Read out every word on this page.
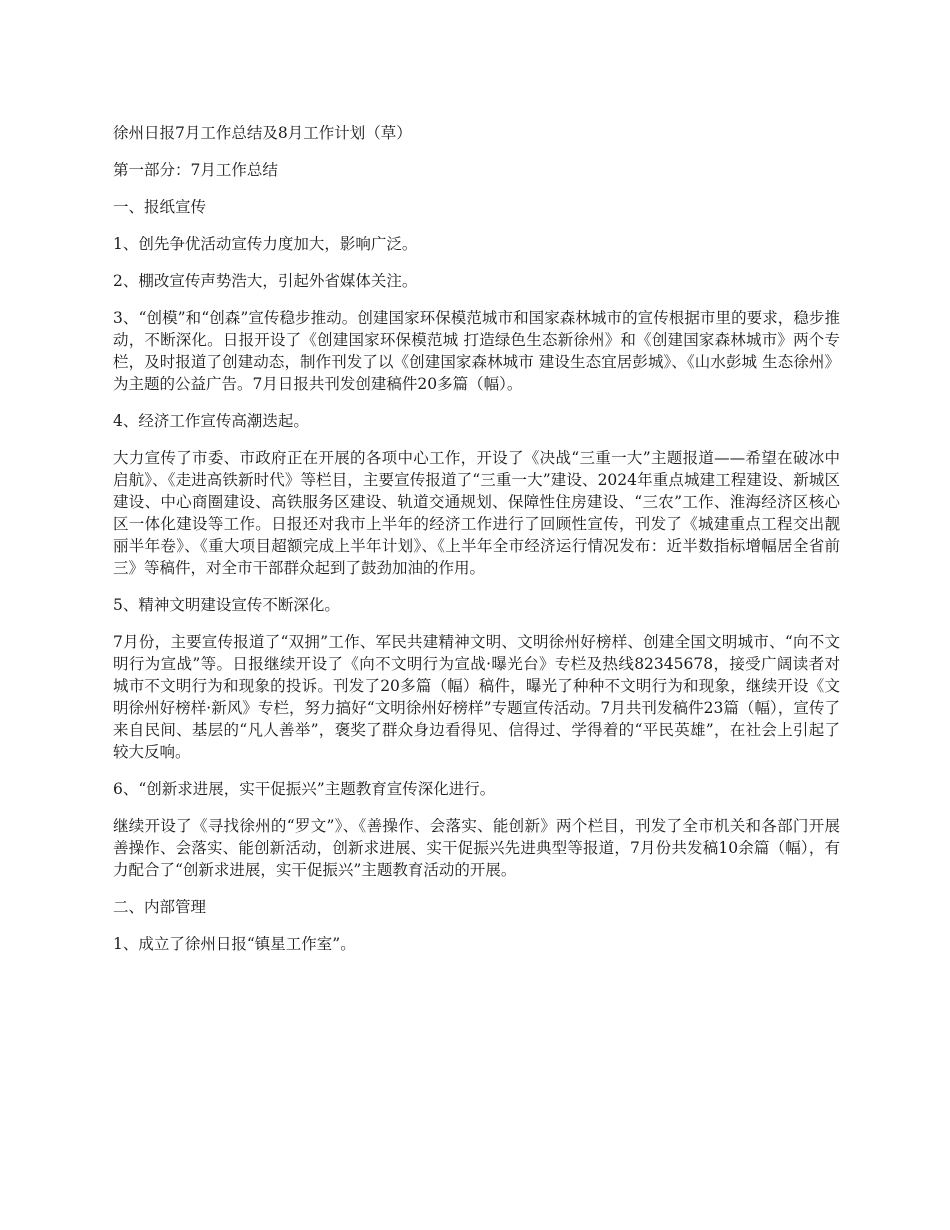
徐州日报7月工作总结及8月工作计划（草）

第一部分：7月工作总结

一、报纸宣传

1、创先争优活动宣传力度加大，影响广泛。

2、棚改宣传声势浩大，引起外省媒体关注。

3、“创模”和“创森”宣传稳步推动。创建国家环保模范城市和国家森林城市的宣传根据市里的要求，稳步推动，不断深化。日报开设了《创建国家环保模范城 打造绿色生态新徐州》和《创建国家森林城市》两个专栏，及时报道了创建动态，制作刊发了以《创建国家森林城市 建设生态宜居彭城》、《山水彭城 生态徐州》为主题的公益广告。7月日报共刊发创建稿件20多篇（幅）。

4、经济工作宣传高潮迭起。

大力宣传了市委、市政府正在开展的各项中心工作，开设了《决战“三重一大”主题报道——希望在破冰中启航》、《走进高铁新时代》等栏目，主要宣传报道了“三重一大”建设、2024年重点城建工程建设、新城区建设、中心商圈建设、高铁服务区建设、轨道交通规划、保障性住房建设、“三农”工作、淮海经济区核心区一体化建设等工作。日报还对我市上半年的经济工作进行了回顾性宣传，刊发了《城建重点工程交出靓丽半年卷》、《重大项目超额完成上半年计划》、《上半年全市经济运行情况发布：近半数指标增幅居全省前三》等稿件，对全市干部群众起到了鼓劲加油的作用。

5、精神文明建设宣传不断深化。

7月份，主要宣传报道了“双拥”工作、军民共建精神文明、文明徐州好榜样、创建全国文明城市、“向不文明行为宣战”等。日报继续开设了《向不文明行为宣战·曝光台》专栏及热线82345678，接受广阔读者对城市不文明行为和现象的投诉。刊发了20多篇（幅）稿件，曝光了种种不文明行为和现象，继续开设《文明徐州好榜样·新风》专栏，努力搞好“文明徐州好榜样”专题宣传活动。7月共刊发稿件23篇（幅），宣传了来自民间、基层的“凡人善举”，褒奖了群众身边看得见、信得过、学得着的“平民英雄”，在社会上引起了较大反响。

6、“创新求进展，实干促振兴”主题教育宣传深化进行。

继续开设了《寻找徐州的“罗文”》、《善操作、会落实、能创新》两个栏目，刊发了全市机关和各部门开展善操作、会落实、能创新活动，创新求进展、实干促振兴先进典型等报道，7月份共发稿10余篇（幅），有力配合了“创新求进展，实干促振兴”主题教育活动的开展。

二、内部管理

1、成立了徐州日报“镇星工作室”。
